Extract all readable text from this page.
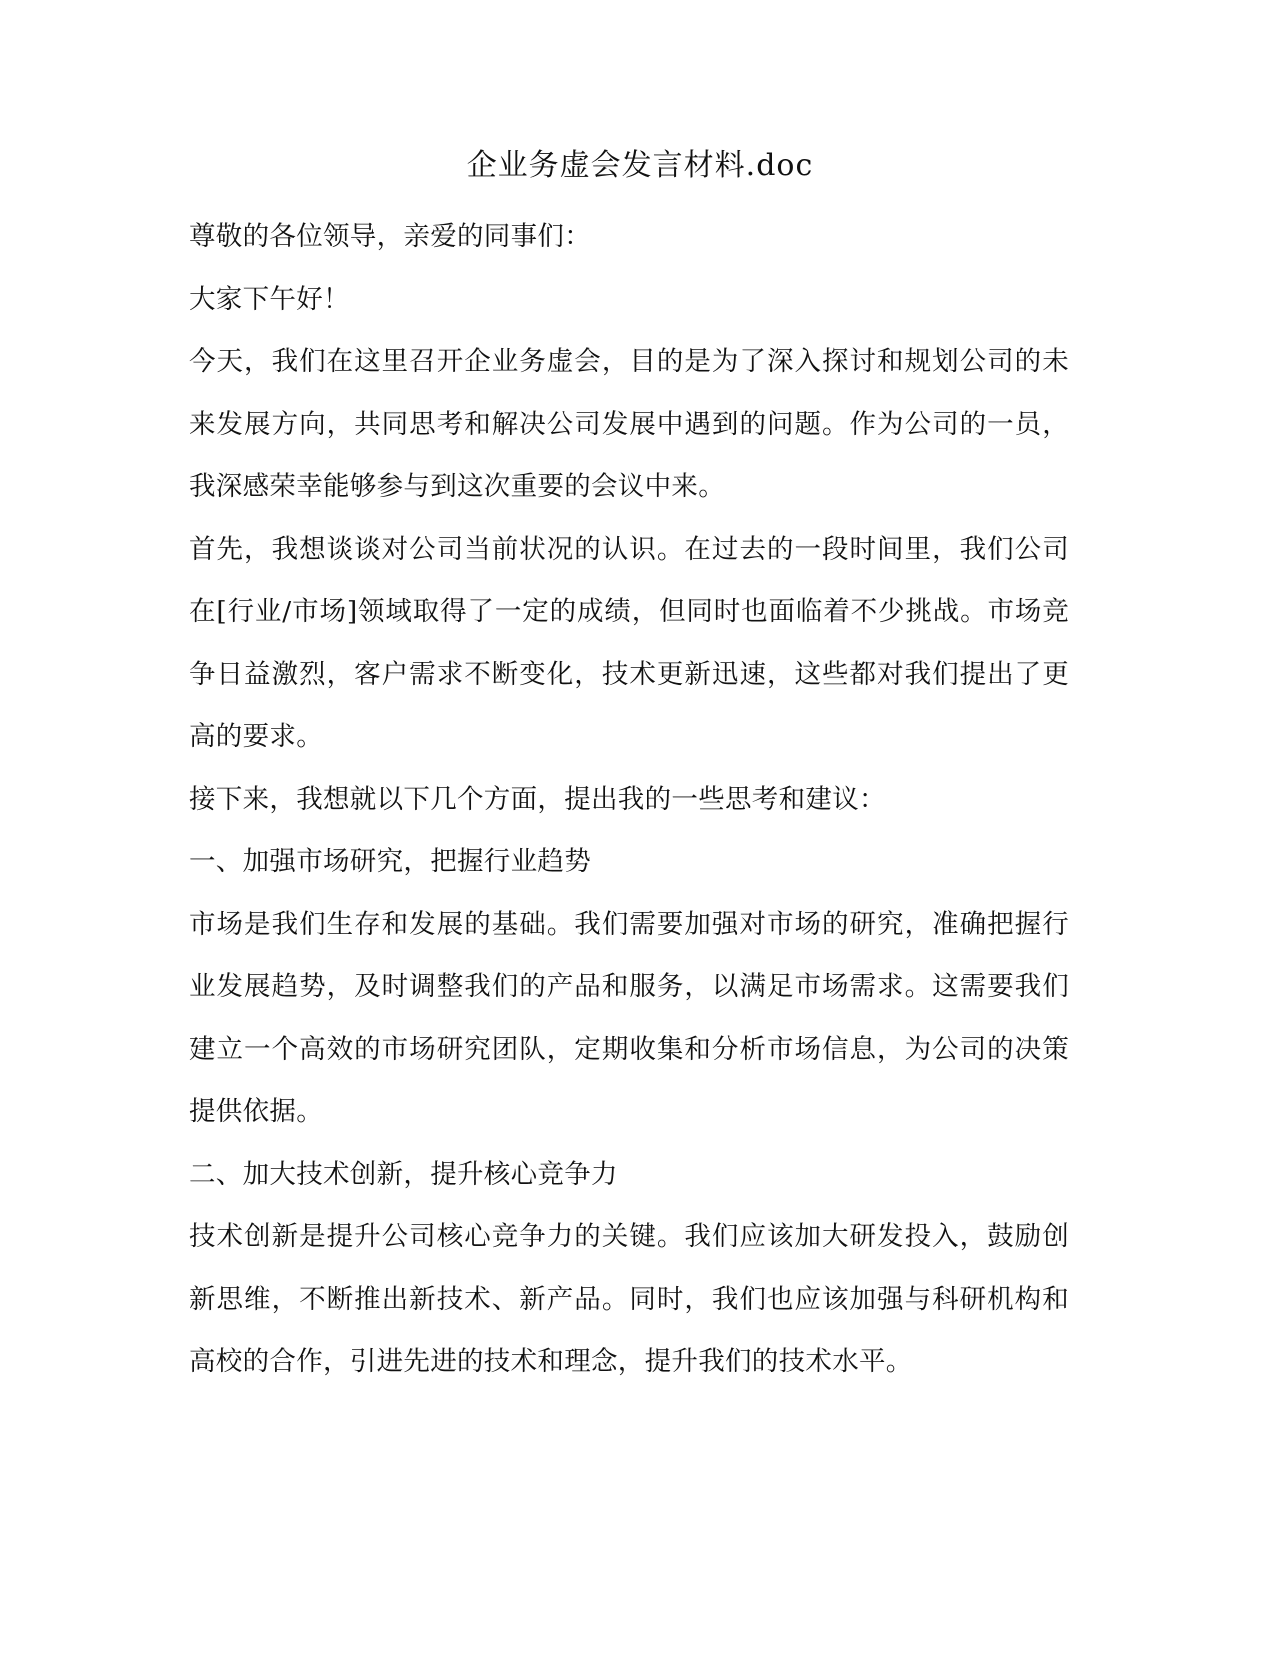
企业务虚会发言材料.doc

尊敬的各位领导，亲爱的同事们：

大家下午好！

今天，我们在这里召开企业务虚会，目的是为了深入探讨和规划公司的未来发展方向，共同思考和解决公司发展中遇到的问题。作为公司的一员，我深感荣幸能够参与到这次重要的会议中来。

首先，我想谈谈对公司当前状况的认识。在过去的一段时间里，我们公司在[行业/市场]领域取得了一定的成绩，但同时也面临着不少挑战。市场竞争日益激烈，客户需求不断变化，技术更新迅速，这些都对我们提出了更高的要求。

接下来，我想就以下几个方面，提出我的一些思考和建议：

一、加强市场研究，把握行业趋势

市场是我们生存和发展的基础。我们需要加强对市场的研究，准确把握行业发展趋势，及时调整我们的产品和服务，以满足市场需求。这需要我们建立一个高效的市场研究团队，定期收集和分析市场信息，为公司的决策提供依据。

二、加大技术创新，提升核心竞争力

技术创新是提升公司核心竞争力的关键。我们应该加大研发投入，鼓励创新思维，不断推出新技术、新产品。同时，我们也应该加强与科研机构和高校的合作，引进先进的技术和理念，提升我们的技术水平。
